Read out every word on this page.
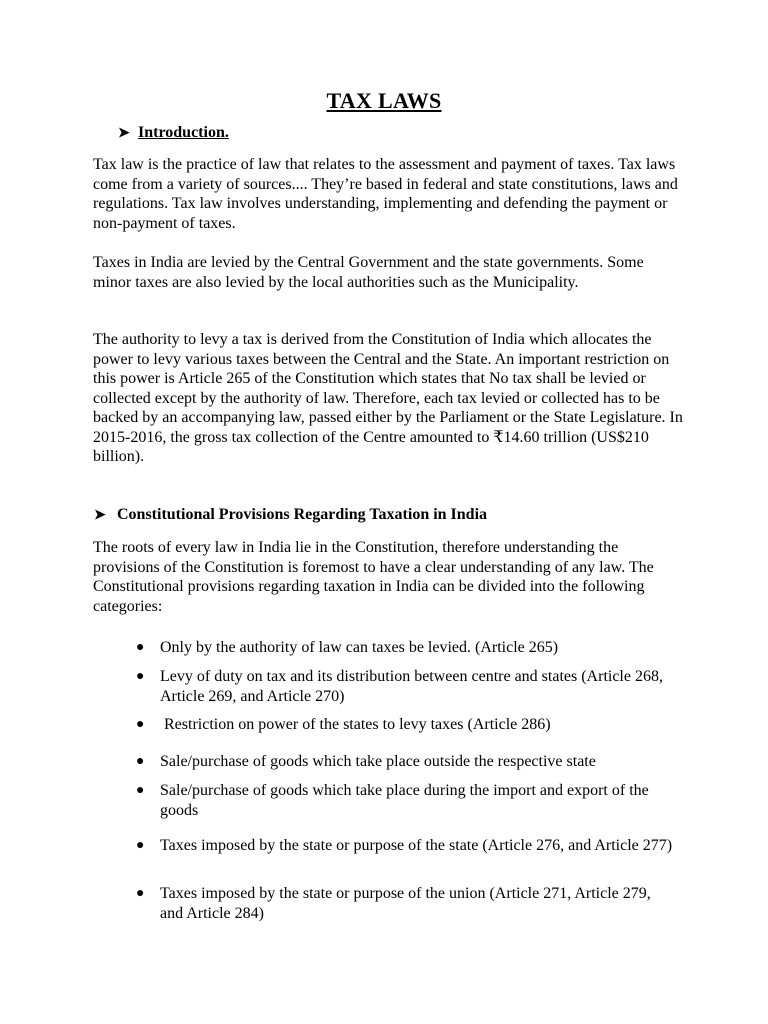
TAX LAWS
➤ Introduction.

Tax law is the practice of law that relates to the assessment and payment of taxes. Tax laws come from a variety of sources.... They’re based in federal and state constitutions, laws and regulations. Tax law involves understanding, implementing and defending the payment or non-payment of taxes.

Taxes in India are levied by the Central Government and the state governments. Some minor taxes are also levied by the local authorities such as the Municipality.

The authority to levy a tax is derived from the Constitution of India which allocates the power to levy various taxes between the Central and the State. An important restriction on this power is Article 265 of the Constitution which states that No tax shall be levied or collected except by the authority of law. Therefore, each tax levied or collected has to be backed by an accompanying law, passed either by the Parliament or the State Legislature. In 2015-2016, the gross tax collection of the Centre amounted to ₹14.60 trillion (US$210 billion).

➤ Constitutional Provisions Regarding Taxation in India

The roots of every law in India lie in the Constitution, therefore understanding the provisions of the Constitution is foremost to have a clear understanding of any law. The Constitutional provisions regarding taxation in India can be divided into the following categories:

● Only by the authority of law can taxes be levied. (Article 265)
● Levy of duty on tax and its distribution between centre and states (Article 268, Article 269, and Article 270)
● Restriction on power of the states to levy taxes (Article 286)
● Sale/purchase of goods which take place outside the respective state
● Sale/purchase of goods which take place during the import and export of the goods
● Taxes imposed by the state or purpose of the state (Article 276, and Article 277)
● Taxes imposed by the state or purpose of the union (Article 271, Article 279, and Article 284)
